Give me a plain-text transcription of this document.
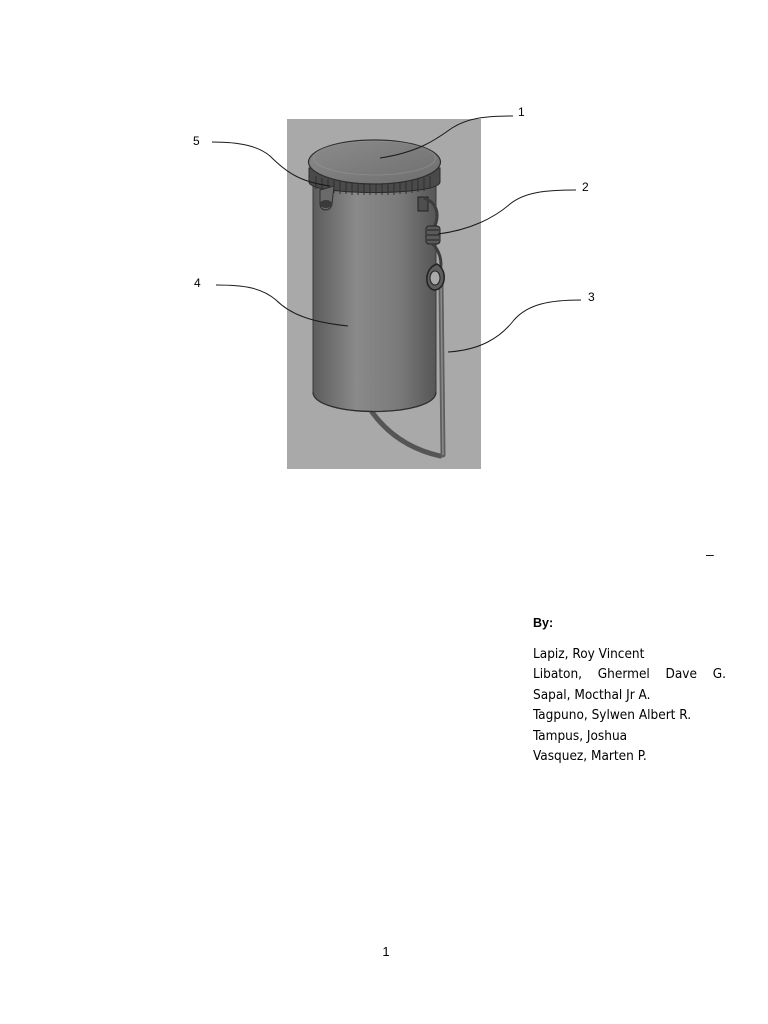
1
2
3
4
5
–
By:
Lapiz, Roy Vincent
Libaton, Ghermel Dave G.
Sapal, Mocthal Jr A.
Tagpuno, Sylwen Albert R.
Tampus, Joshua
Vasquez, Marten P.
1
